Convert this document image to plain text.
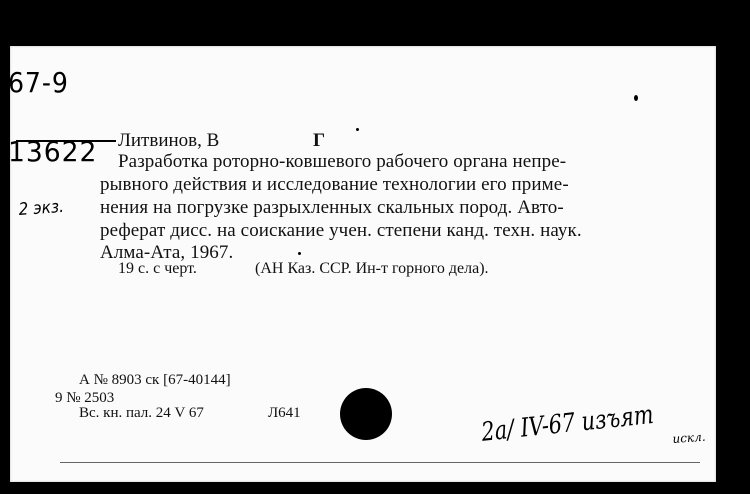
67-9
13622
2 экз.
Литвинов, В	Г
Разработка роторно-ковшевого рабочего органа непре-
рывного действия и исследование технологии его приме-
нения на погрузке разрыхленных скальных пород. Авто-
реферат дисс. на соискание учен. степени канд. техн. наук.
Алма-Ата, 1967.
19 с. с черт.	(АН Каз. ССР. Ин-т горного дела).
А № 8903 ск [67-40144]
9 № 2503
Вс. кн. пал. 24 V 67	Л641	2a/ IV-67 изъят искл.
